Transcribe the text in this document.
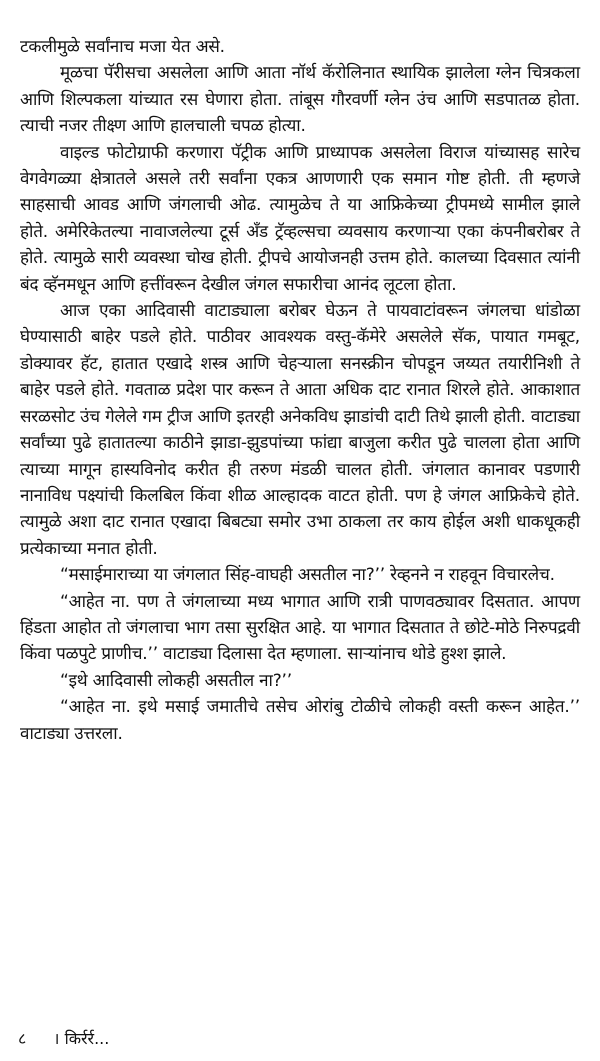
टकलीमुळे सर्वांनाच मजा येत असे.

मूळचा पॅरीसचा असलेला आणि आता नॉर्थ कॅरोलिनात स्थायिक झालेला ग्लेन चित्रकला आणि शिल्पकला यांच्यात रस घेणारा होता. तांबूस गौरवर्णी ग्लेन उंच आणि सडपातळ होता. त्याची नजर तीक्ष्ण आणि हालचाली चपळ होत्या.

वाइल्ड फोटोग्राफी करणारा पॅट्रीक आणि प्राध्यापक असलेला विराज यांच्यासह सारेच वेगवेगळ्या क्षेत्रातले असले तरी सर्वांना एकत्र आणणारी एक समान गोष्ट होती. ती म्हणजे साहसाची आवड आणि जंगलाची ओढ. त्यामुळेच ते या आफ्रिकेच्या ट्रीपमध्ये सामील झाले होते. अमेरिकेतल्या नावाजलेल्या टूर्स अँड ट्रॅव्हल्सचा व्यवसाय करणाऱ्या एका कंपनीबरोबर ते होते. त्यामुळे सारी व्यवस्था चोख होती. ट्रीपचे आयोजनही उत्तम होते. कालच्या दिवसात त्यांनी बंद व्हॅनमधून आणि हत्तींवरून देखील जंगल सफारीचा आनंद लूटला होता.

आज एका आदिवासी वाटाड्याला बरोबर घेऊन ते पायवाटांवरून जंगलचा धांडोळा घेण्यासाठी बाहेर पडले होते. पाठीवर आवश्यक वस्तु-कॅमेरे असलेले सॅक, पायात गमबूट, डोक्यावर हॅट, हातात एखादे शस्त्र आणि चेहऱ्याला सनस्क्रीन चोपडून जय्यत तयारीनिशी ते बाहेर पडले होते. गवताळ प्रदेश पार करून ते आता अधिक दाट रानात शिरले होते. आकाशात सरळसोट उंच गेलेले गम ट्रीज आणि इतरही अनेकविध झाडांची दाटी तिथे झाली होती. वाटाड्या सर्वांच्या पुढे हातातल्या काठीने झाडा-झुडपांच्या फांद्या बाजुला करीत पुढे चालला होता आणि त्याच्या मागून हास्यविनोद करीत ही तरुण मंडळी चालत होती. जंगलात कानावर पडणारी नानाविध पक्ष्यांची किलबिल किंवा शीळ आल्हादक वाटत होती. पण हे जंगल आफ्रिकेचे होते. त्यामुळे अशा दाट रानात एखादा बिबट्या समोर उभा ठाकला तर काय होईल अशी धाकधूकही प्रत्येकाच्या मनात होती.

“मसाईमाराच्या या जंगलात सिंह-वाघही असतील ना?’’ रेव्हनने न राहवून विचारलेच.

“आहेत ना. पण ते जंगलाच्या मध्य भागात आणि रात्री पाणवठ्यावर दिसतात. आपण हिंडता आहोत तो जंगलाचा भाग तसा सुरक्षित आहे. या भागात दिसतात ते छोटे-मोठे निरुपद्रवी किंवा पळपुटे प्राणीच.’’ वाटाड्या दिलासा देत म्हणाला. साऱ्यांनाच थोडे हुश्श झाले.

“इथे आदिवासी लोकही असतील ना?’’

“आहेत ना. इथे मसाई जमातीचे तसेच ओरांबु टोळीचे लोकही वस्ती करून आहेत.’’ वाटाड्या उत्तरला.

८ । किर्रर्र...
